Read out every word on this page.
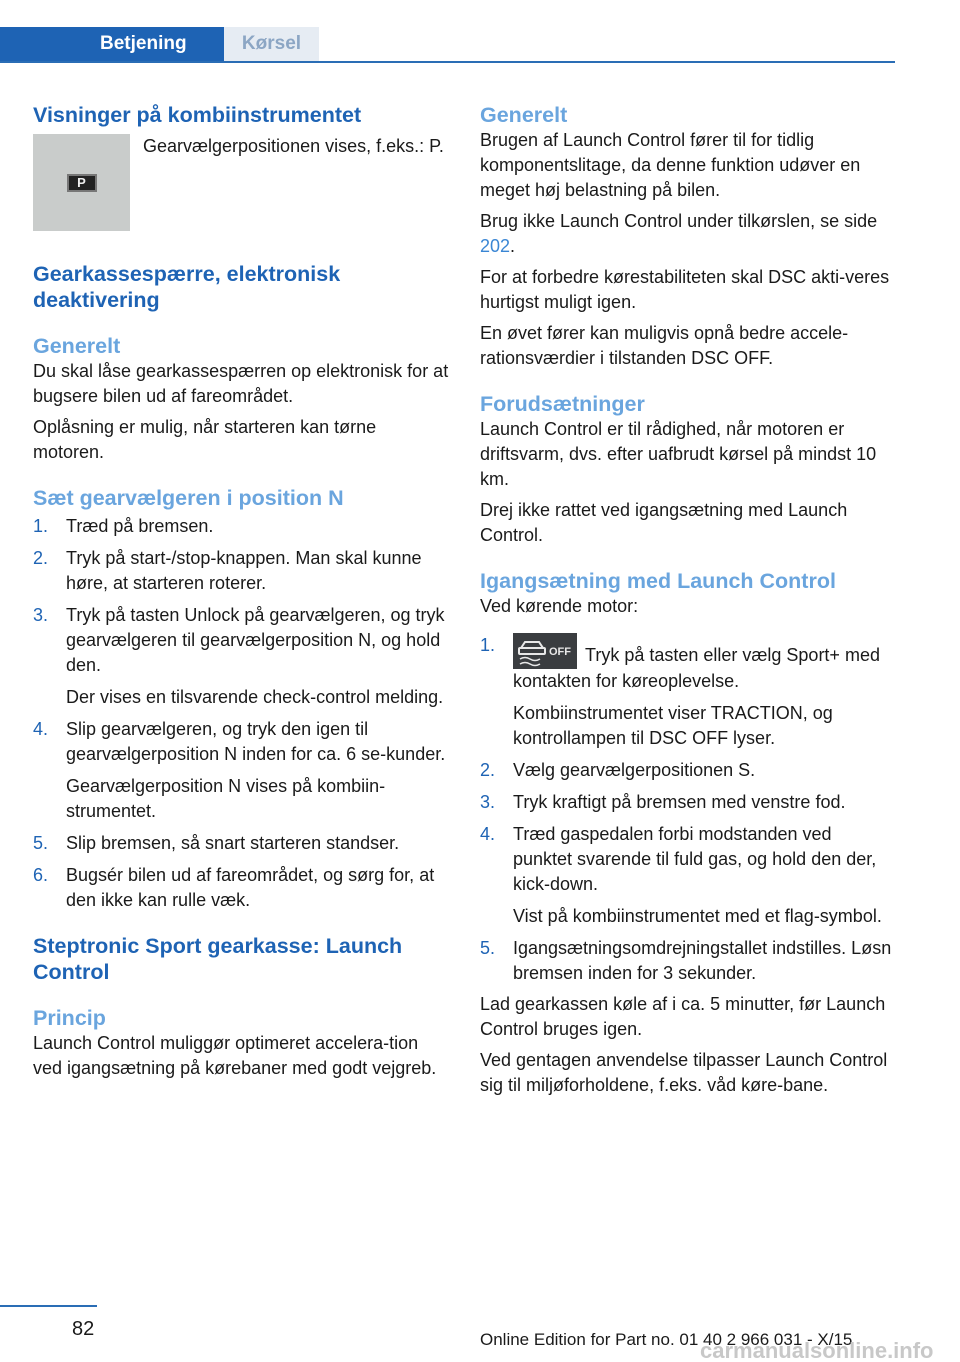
Betjening	Kørsel
Visninger på kombiinstrumentet
P
Gearvælgerpositionen vises, f.eks.: P.
Gearkassespærre, elektronisk deaktivering
Generelt
Du skal låse gearkassespærren op elektronisk for at bugsere bilen ud af fareområdet.
Oplåsning er mulig, når starteren kan tørne motoren.
Sæt gearvælgeren i position N
1. Træd på bremsen.

2. Tryk på start-/stop-knappen. Man skal kunne høre, at starteren roterer.

3. Tryk på tasten Unlock på gearvælgeren, og tryk gearvælgeren til gearvælgerposition N, og hold den.

Der vises en tilsvarende check-control melding.

4. Slip gearvælgeren, og tryk den igen til gearvælgerposition N inden for ca. 6 se-kunder.

Gearvælgerposition N vises på kombiin-strumentet.

5. Slip bremsen, så snart starteren standser.

6. Bugsér bilen ud af fareområdet, og sørg for, at den ikke kan rulle væk.

Steptronic Sport gearkasse: Launch Control
Princip
Launch Control muliggør optimeret accelera-tion ved igangsætning på kørebaner med godt vejgreb.
Generelt
Brugen af Launch Control fører til for tidlig komponentslitage, da denne funktion udøver en meget høj belastning på bilen.
Brug ikke Launch Control under tilkørslen, se side 202.
For at forbedre kørestabiliteten skal DSC akti-veres hurtigst muligt igen.
En øvet fører kan muligvis opnå bedre accele-rationsværdier i tilstanden DSC OFF.
Forudsætninger
Launch Control er til rådighed, når motoren er driftsvarm, dvs. efter uafbrudt kørsel på mindst 10 km.
Drej ikke rattet ved igangsætning med Launch Control.
Igangsætning med Launch Control
Ved kørende motor:
1.	OFF Tryk på tasten eller vælg Sport+ med kontakten for køreoplevelse.

Kombiinstrumentet viser TRACTION, og kontrollampen til DSC OFF lyser.

2. Vælg gearvælgerpositionen S.

3. Tryk kraftigt på bremsen med venstre fod.

4. Træd gaspedalen forbi modstanden ved punktet svarende til fuld gas, og hold den der, kick-down.

Vist på kombiinstrumentet med et flag-symbol.

5. Igangsætningsomdrejningstallet indstilles. Løsn bremsen inden for 3 sekunder.

Lad gearkassen køle af i ca. 5 minutter, før Launch Control bruges igen.
Ved gentagen anvendelse tilpasser Launch Control sig til miljøforholdene, f.eks. våd køre-bane.
82	Online Edition for Part no. 01 40 2 966 031 - X/15
carmanualsonline.info
